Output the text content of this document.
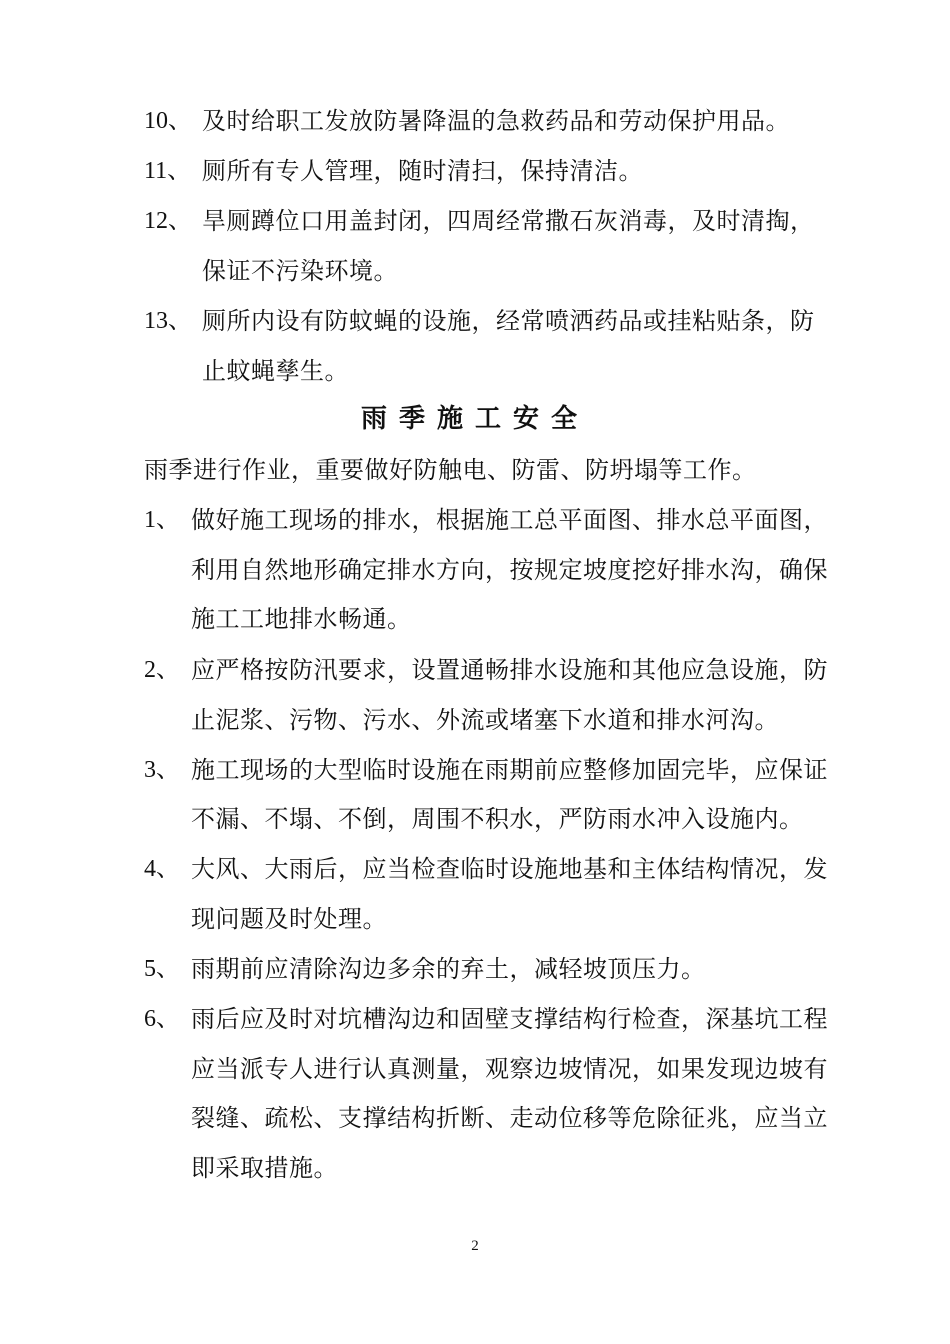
10、 及时给职工发放防暑降温的急救药品和劳动保护用品。
11、 厕所有专人管理，随时清扫，保持清洁。
12、 旱厕蹲位口用盖封闭，四周经常撒石灰消毒，及时清掏，
保证不污染环境。
13、 厕所内设有防蚊蝇的设施，经常喷洒药品或挂粘贴条，防
止蚊蝇孳生。
雨季施工安全
雨季进行作业，重要做好防触电、防雷、防坍塌等工作。
1、 做好施工现场的排水，根据施工总平面图、排水总平面图，
利用自然地形确定排水方向，按规定坡度挖好排水沟，确保
施工工地排水畅通。
2、 应严格按防汛要求，设置通畅排水设施和其他应急设施，防
止泥浆、污物、污水、外流或堵塞下水道和排水河沟。
3、 施工现场的大型临时设施在雨期前应整修加固完毕，应保证
不漏、不塌、不倒，周围不积水，严防雨水冲入设施内。
4、 大风、大雨后，应当检查临时设施地基和主体结构情况，发
现问题及时处理。
5、 雨期前应清除沟边多余的弃土，减轻坡顶压力。
6、 雨后应及时对坑槽沟边和固壁支撑结构行检查，深基坑工程
应当派专人进行认真测量，观察边坡情况，如果发现边坡有
裂缝、疏松、支撑结构折断、走动位移等危除征兆，应当立
即采取措施。
2
